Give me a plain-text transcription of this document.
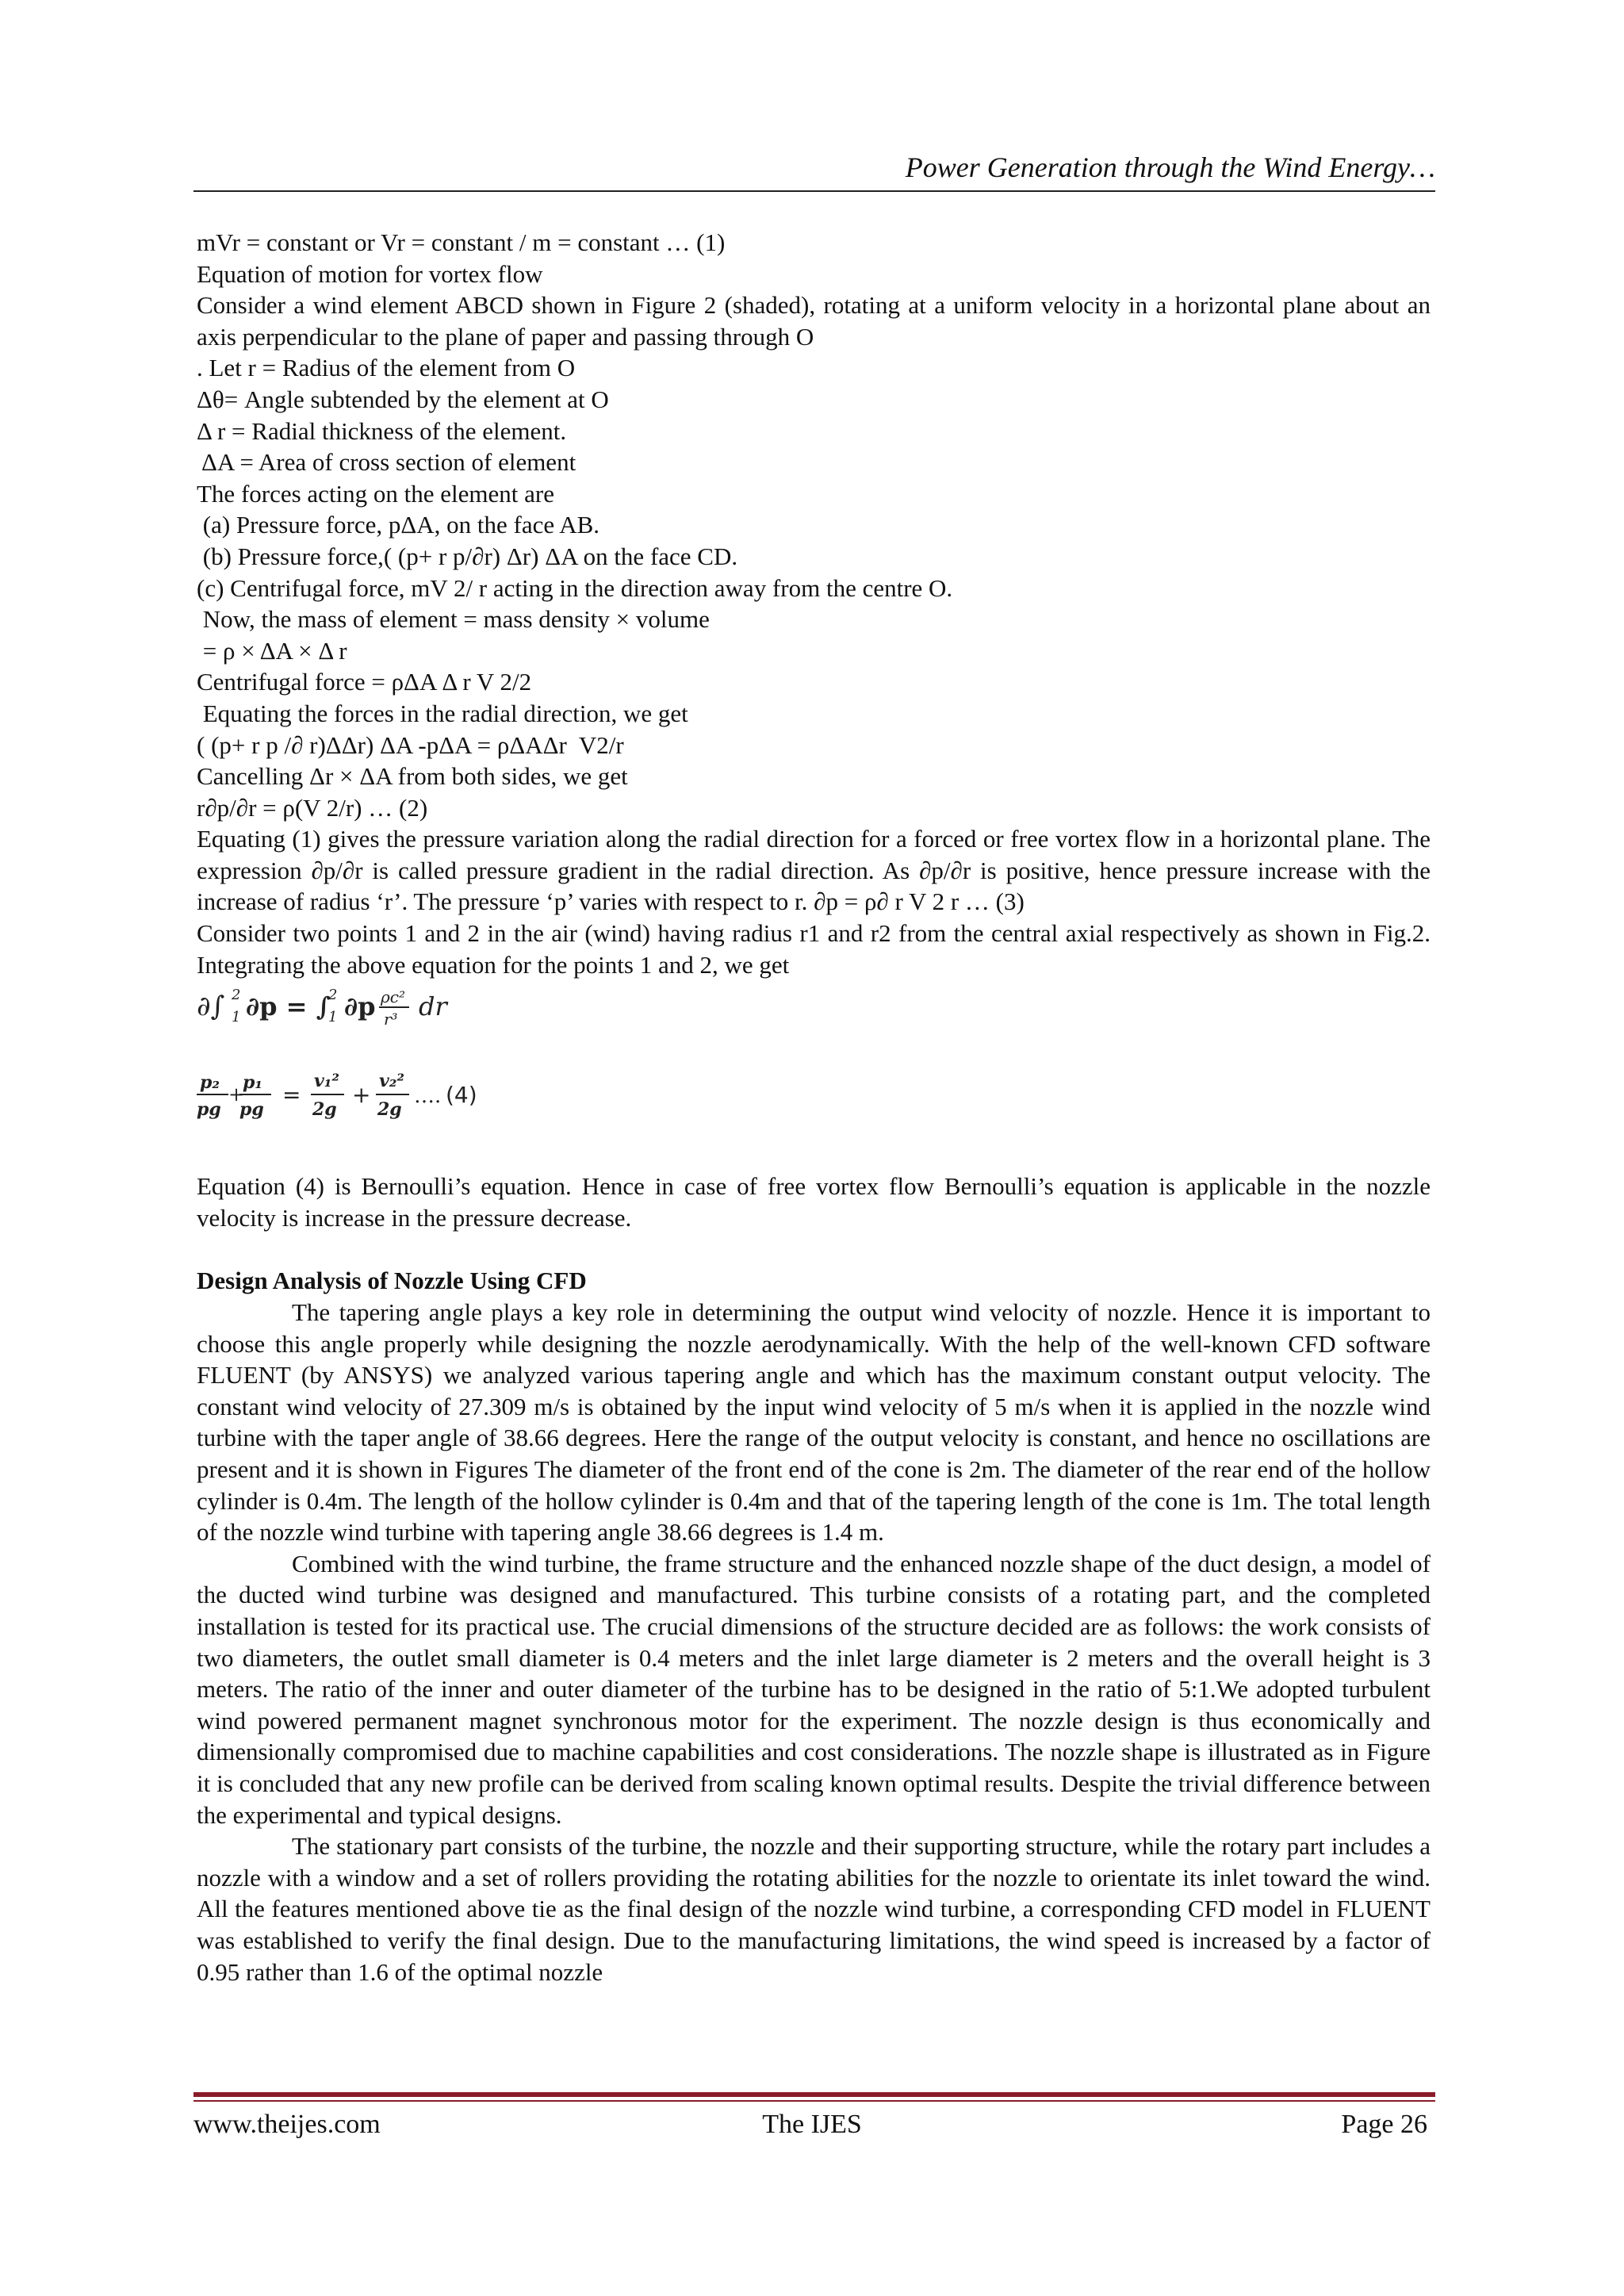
Power Generation through the Wind Energy…

mVr = constant or Vr = constant / m = constant … (1)

Equation of motion for vortex flow

Consider a wind element ABCD shown in Figure 2 (shaded), rotating at a uniform velocity in a horizontal plane about an axis perpendicular to the plane of paper and passing through O

. Let r = Radius of the element from O

Δθ= Angle subtended by the element at O

Δ r = Radial thickness of the element.

ΔA = Area of cross section of element

The forces acting on the element are

(a) Pressure force, pΔA, on the face AB.

(b) Pressure force,( (p+ r p/∂r) Δr) ΔA on the face CD.

(c) Centrifugal force, mV 2/ r acting in the direction away from the centre O.

Now, the mass of element = mass density × volume

= ρ × ΔA × Δ r

Centrifugal force = ρΔA Δ r V 2/2

Equating the forces in the radial direction, we get

( (p+ r p /∂ r)ΔΔr) ΔA -pΔA = ρΔAΔr  V2/r

Cancelling Δr × ΔA from both sides, we get

r∂p/∂r = ρ(V 2/r) … (2)

Equating (1) gives the pressure variation along the radial direction for a forced or free vortex flow in a horizontal plane. The expression ∂p/∂r is called pressure gradient in the radial direction. As ∂p/∂r is positive, hence pressure increase with the increase of radius ‘r’. The pressure ‘p’ varies with respect to r. ∂p = ρ∂ r V 2 r … (3)

Consider two points 1 and 2 in the air (wind) having radius r1 and r2 from the central axial respectively as shown in Fig.2. Integrating the above equation for the points 1 and 2, we get

∂∫ 2
1 ∂p = ∫
2
1 ∂p ρc²
r³ dr
p₂
pg
+
p₁
pg
=
v₁²
2g
+
v₂²
2g
…. (4)

Equation (4) is Bernoulli’s equation. Hence in case of free vortex flow Bernoulli’s equation is applicable in the nozzle velocity is increase in the pressure decrease.

Design Analysis of Nozzle Using CFD

The tapering angle plays a key role in determining the output wind velocity of nozzle. Hence it is important to choose this angle properly while designing the nozzle aerodynamically. With the help of the well-known CFD software FLUENT (by ANSYS) we analyzed various tapering angle and which has the maximum constant output velocity. The constant wind velocity of 27.309 m/s is obtained by the input wind velocity of 5 m/s when it is applied in the nozzle wind turbine with the taper angle of 38.66 degrees. Here the range of the output velocity is constant, and hence no oscillations are present and it is shown in Figures The diameter of the front end of the cone is 2m. The diameter of the rear end of the hollow cylinder is 0.4m. The length of the hollow cylinder is 0.4m and that of the tapering length of the cone is 1m. The total length of the nozzle wind turbine with tapering angle 38.66 degrees is 1.4 m.

Combined with the wind turbine, the frame structure and the enhanced nozzle shape of the duct design, a model of the ducted wind turbine was designed and manufactured. This turbine consists of a rotating part, and the completed installation is tested for its practical use. The crucial dimensions of the structure decided are as follows: the work consists of two diameters, the outlet small diameter is 0.4 meters and the inlet large diameter is 2 meters and the overall height is 3 meters. The ratio of the inner and outer diameter of the turbine has to be designed in the ratio of 5:1.We adopted turbulent wind powered permanent magnet synchronous motor for the experiment. The nozzle design is thus economically and dimensionally compromised due to machine capabilities and cost considerations. The nozzle shape is illustrated as in Figure it is concluded that any new profile can be derived from scaling known optimal results. Despite the trivial difference between the experimental and typical designs.

The stationary part consists of the turbine, the nozzle and their supporting structure, while the rotary part includes a nozzle with a window and a set of rollers providing the rotating abilities for the nozzle to orientate its inlet toward the wind. All the features mentioned above tie as the final design of the nozzle wind turbine, a corresponding CFD model in FLUENT was established to verify the final design. Due to the manufacturing limitations, the wind speed is increased by a factor of 0.95 rather than 1.6 of the optimal nozzle

www.theijes.com	The IJES	Page 26
